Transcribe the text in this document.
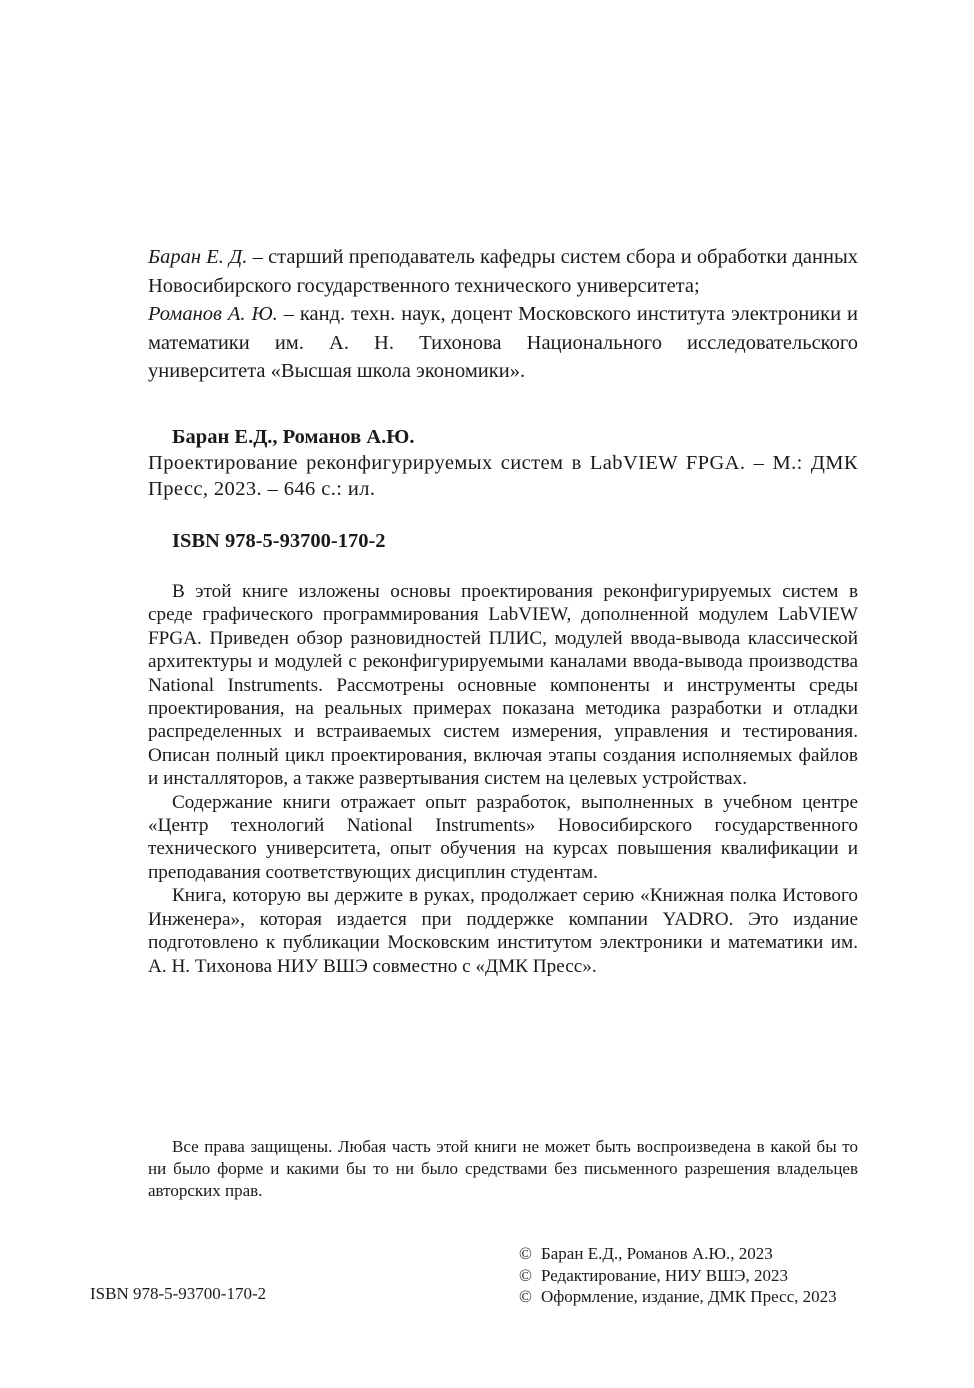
Баран Е. Д. – старший преподаватель кафедры систем сбора и обработки данных Новосибирского государственного технического университета;

Романов А. Ю. – канд. техн. наук, доцент Московского института электроники и математики им. А. Н. Тихонова Национального исследовательского университета «Высшая школа экономики».

Баран Е.Д., Романов А.Ю.

Проектирование реконфигурируемых систем в LabVIEW FPGA. – М.: ДМК Пресс, 2023. – 646 с.: ил.

ISBN 978-5-93700-170-2

В этой книге изложены основы проектирования реконфигурируемых систем в среде графического программирования LabVIEW, дополненной модулем LabVIEW FPGA. Приведен обзор разновидностей ПЛИС, модулей ввода-вывода классической архитектуры и модулей с реконфигурируемыми каналами ввода-вывода производства National Instruments. Рассмотрены основные компоненты и инструменты среды проектирования, на реальных примерах показана методика разработки и отладки распределенных и встраиваемых систем измерения, управления и тестирования. Описан полный цикл проектирования, включая этапы создания исполняемых файлов и инсталляторов, а также развертывания систем на целевых устройствах.

Содержание книги отражает опыт разработок, выполненных в учебном центре «Центр технологий National Instruments» Новосибирского государственного технического университета, опыт обучения на курсах повышения квалификации и преподавания соответствующих дисциплин студентам.

Книга, которую вы держите в руках, продолжает серию «Книжная полка Истового Инженера», которая издается при поддержке компании YADRO. Это издание подготовлено к публикации Московским институтом электроники и математики им. А. Н. Тихонова НИУ ВШЭ совместно с «ДМК Пресс».

Все права защищены. Любая часть этой книги не может быть воспроизведена в какой бы то ни было форме и какими бы то ни было средствами без письменного разрешения владельцев авторских прав.

ISBN 978-5-93700-170-2
© Баран Е.Д., Романов А.Ю., 2023
© Редактирование, НИУ ВШЭ, 2023
© Оформление, издание, ДМК Пресс, 2023
